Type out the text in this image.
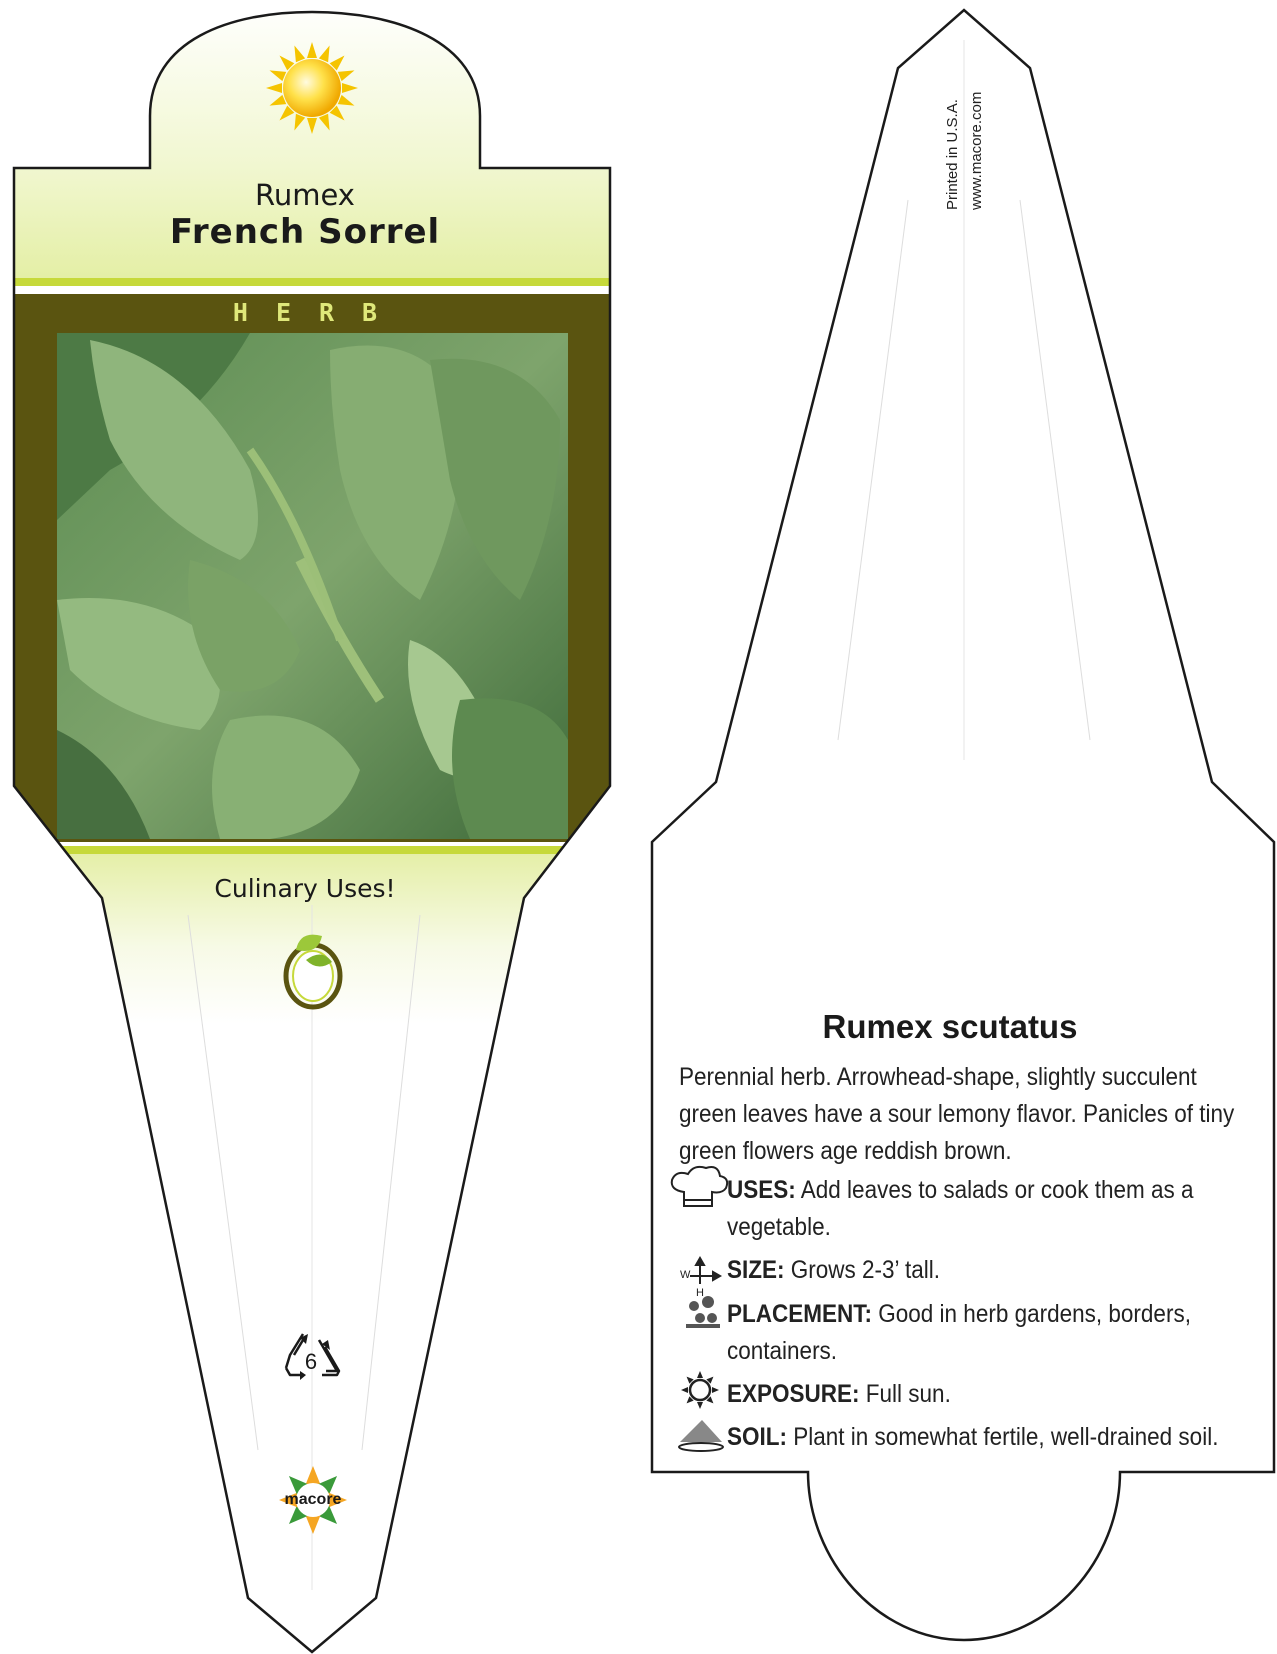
W
H
Rumex
French Sorrel
HERB
Culinary Uses!
6
macore
Printed in U.S.A. www.macore.com
Rumex scutatus

Perennial herb. Arrowhead-shape, slightly succulent green leaves have a sour lemony flavor. Panicles of tiny green flowers age reddish brown.

USES: Add leaves to salads or cook them as a vegetable.

SIZE: Grows 2-3’ tall.

PLACEMENT: Good in herb gardens, borders, containers.

EXPOSURE: Full sun.

SOIL: Plant in somewhat fertile, well-drained soil.
